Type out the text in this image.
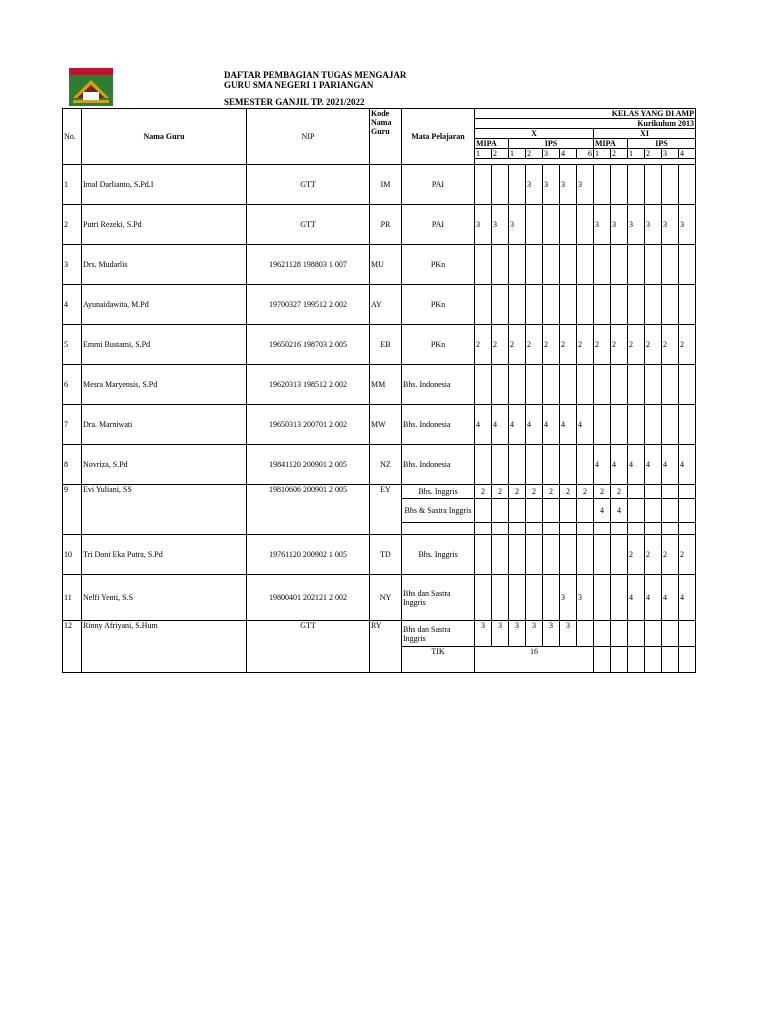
DAFTAR PEMBAGIAN TUGAS MENGAJAR
GURU SMA NEGERI 1 PARIANGAN
SEMESTER GANJIL TP. 2021/2022
No.	Nama Guru	NIP	Kode Nama Guru	Mata Pelajaran	KELAS YANG DI AMP												
					Kurikulum 2013												
					X							XI					
					MIPA		IPS					MIPA		IPS			
					1	2	1	2	3	4	6	1	2	1	2	3	4

1	Imal Darlianto, S.Pd.I	GTT	IM	PAI				3	3	3	3						
2	Putri Rezeki, S.Pd	GTT	PR	PAI	3	3	3					3	3	3	3	3	3
3	Drs. Mudarlis	19621128 198803 1 007	MU	PKn													
4	Ayunaidawita, M.Pd	19700327 199512 2 002	AY	PKn													
5	Emmi Bustami, S.Pd	19650216 198703 2 005	EB	PKn	2	2	2	2	2	2	2	2	2	2	2	2	2
6	Mesra Maryensis, S.Pd	19620313 198512 2 002	MM	Bhs. Indonesia													
7	Dra. Marniwati	19650313 200701 2 002	MW	Bhs. Indonesia	4	4	4	4	4	4	4						
8	Novriza, S.Pd	19841120 200901 2 005	NZ	Bhs. Indonesia								4	4	4	4	4	4
9	Evi Yuliani, SS	19810606 200901 2 005	EY	Bhs. Inggris	2	2	2	2	2	2	2	2	2				
				Bhs & Sastra Inggris								4	4				

10	Tri Doni Eka Putra, S.Pd	19761120 200902 1 005	TD	Bhs. Inggris										2	2	2	2
11	Nelfi Yenti, S.S	19800401 202121 2 002	NY	Bhs dan Sastra Inggris						3	3			4	4	4	4
12	Rinny Afriyani, S.Hum	GTT	RY	Bhs dan Sastra Inggris	3	3	3	3	3	3							
				TIK	16												
